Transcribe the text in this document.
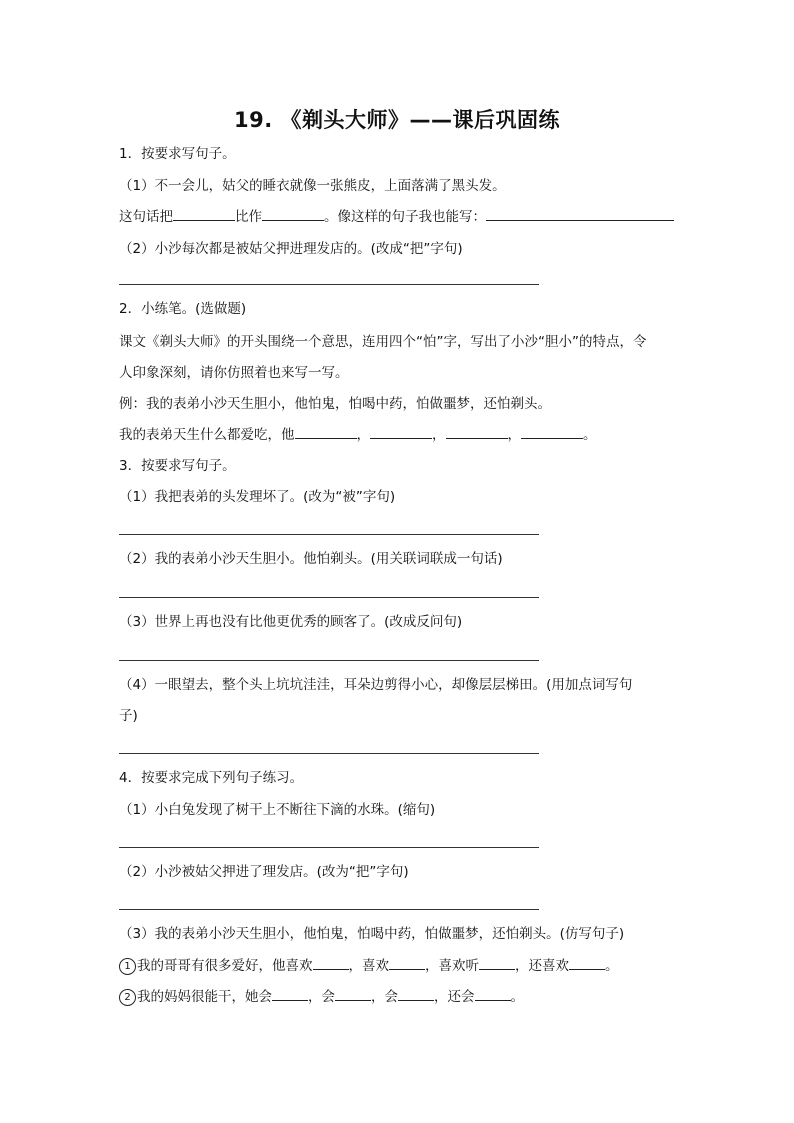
19. 《剃头大师》——课后巩固练
1．按要求写句子。
（1）不一会儿，姑父的睡衣就像一张熊皮，上面落满了黑头发。
这句话把	比作	。像这样的句子我也能写：
（2）小沙每次都是被姑父押进理发店的。(改成“把”字句)
2．小练笔。(选做题)
课文《剃头大师》的开头围绕一个意思，连用四个“怕”字，写出了小沙“胆小”的特点，令
人印象深刻，请你仿照着也来写一写。
例：我的表弟小沙天生胆小，他怕鬼，怕喝中药，怕做噩梦，还怕剃头。
我的表弟天生什么都爱吃，他	，	，	，	。
3．按要求写句子。
（1）我把表弟的头发理坏了。(改为“被”字句)
（2）我的表弟小沙天生胆小。他怕剃头。(用关联词联成一句话)
（3）世界上再也没有比他更优秀的顾客了。(改成反问句)
（4）一眼望去，整个头上坑坑洼洼，耳朵边剪得小心，却像层层梯田。(用加点词写句
子)
4．按要求完成下列句子练习。
（1）小白兔发现了树干上不断往下滴的水珠。(缩句)
（2）小沙被姑父押进了理发店。(改为“把”字句)
（3）我的表弟小沙天生胆小，他怕鬼，怕喝中药，怕做噩梦，还怕剃头。(仿写句子)
1 我的哥哥有很多爱好，他喜欢	，喜欢	，喜欢听	，还喜欢	。
2 我的妈妈很能干，她会	，会	，会	，还会	。
